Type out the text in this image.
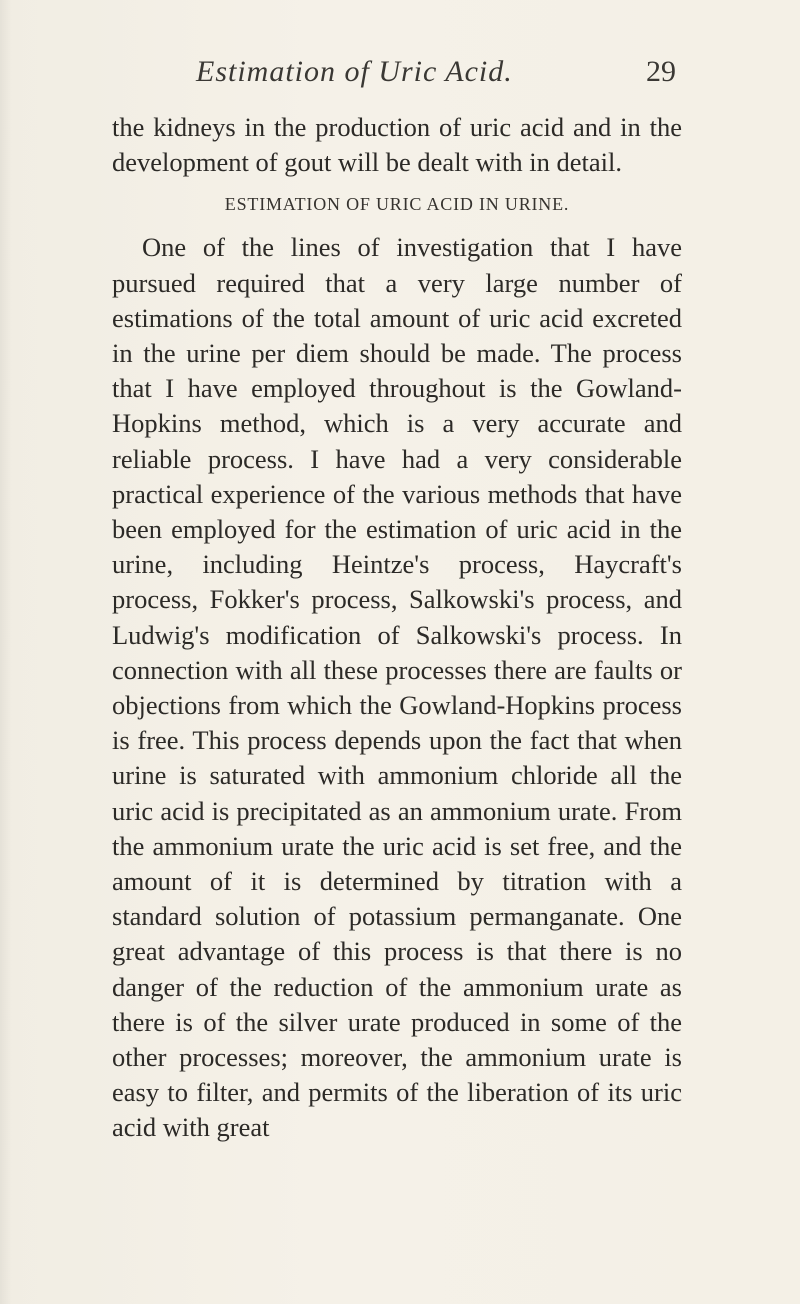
Estimation of Uric Acid.	29

the kidneys in the production of uric acid and in the development of gout will be dealt with in detail.

ESTIMATION OF URIC ACID IN URINE.

One of the lines of investigation that I have pursued required that a very large number of estimations of the total amount of uric acid excreted in the urine per diem should be made. The process that I have employed throughout is the Gowland-Hopkins method, which is a very accurate and reliable process. I have had a very considerable practical experience of the various methods that have been employed for the estimation of uric acid in the urine, including Heintze's process, Haycraft's process, Fokker's process, Salkowski's process, and Ludwig's modification of Salkowski's process. In connection with all these processes there are faults or objections from which the Gowland-Hopkins process is free. This process depends upon the fact that when urine is saturated with ammonium chloride all the uric acid is precipitated as an ammonium urate. From the ammonium urate the uric acid is set free, and the amount of it is determined by titration with a standard solution of potassium permanganate. One great advantage of this process is that there is no danger of the reduction of the ammonium urate as there is of the silver urate produced in some of the other processes; moreover, the ammonium urate is easy to filter, and permits of the liberation of its uric acid with great
